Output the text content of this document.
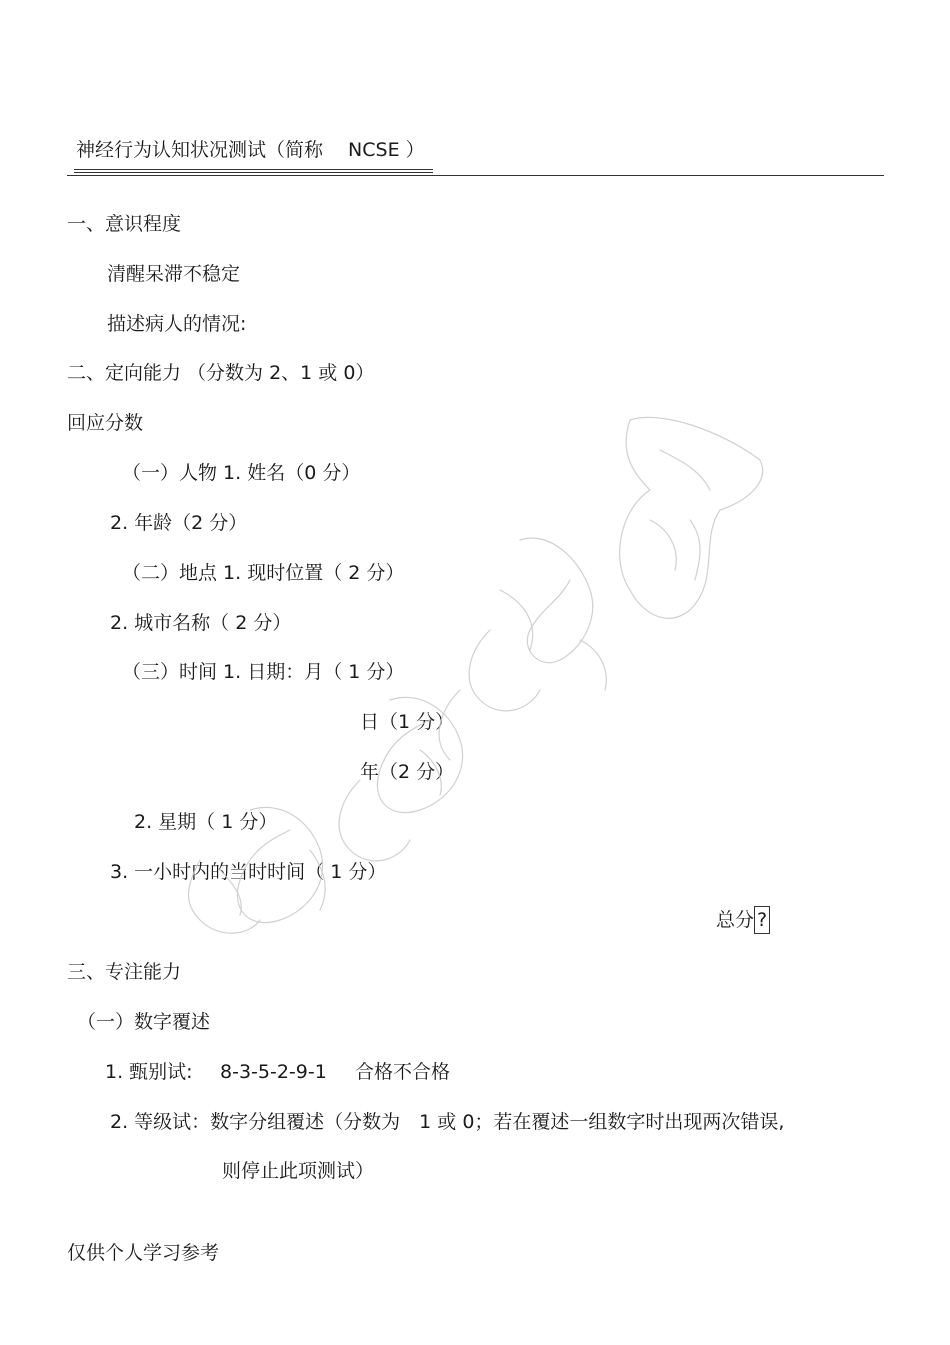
神经行为认知状况测试（简称　 NCSE ）
一、意识程度
清醒呆滞不稳定
描述病人的情况:
二、定向能力 （分数为 2、1 或 0）
回应分数
（一）人物 1. 姓名（0 分）
2. 年龄（2 分）
（二）地点 1. 现时位置（ 2 分）
2. 城市名称（ 2 分）
（三）时间 1. 日期：月（ 1 分）
日（1 分）
年（2 分）
2. 星期（ 1 分）
3. 一小时内的当时时间（ 1 分）
总分 ?
三、专注能力
（一）数字覆述
1. 甄别试: 8-3-5-2-9-1 合格不合格
2. 等级试：数字分组覆述（分数为　1 或 0；若在覆述一组数字时出现两次错误,
则停止此项测试）
仅供个人学习参考
